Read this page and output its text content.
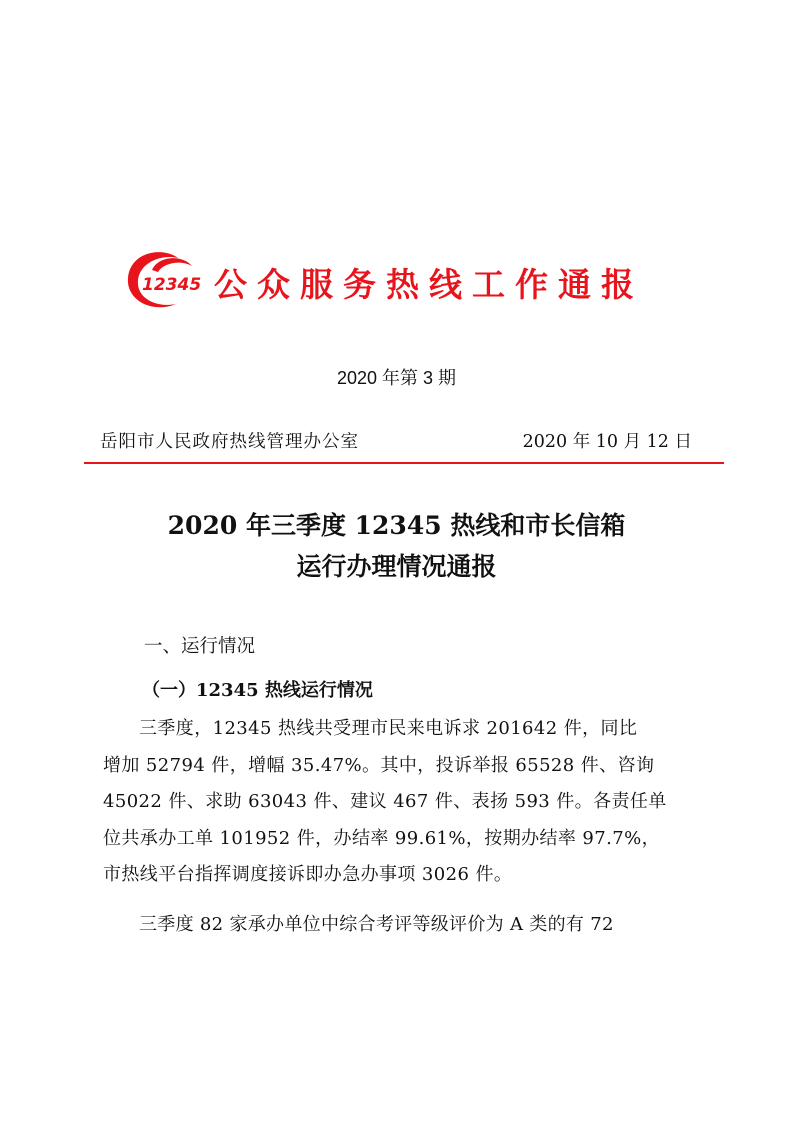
12345 公众服务热线工作通报
2020 年第 3 期
岳阳市人民政府热线管理办公室	2020 年 10 月 12 日
2020 年三季度 12345 热线和市长信箱
运行办理情况通报
一、运行情况
（一）12345 热线运行情况
三季度，12345 热线共受理市民来电诉求 201642 件，同比
增加 52794 件，增幅 35.47%。其中，投诉举报 65528 件、咨询
45022 件、求助 63043 件、建议 467 件、表扬 593 件。各责任单
位共承办工单 101952 件，办结率 99.61%，按期办结率 97.7%，
市热线平台指挥调度接诉即办急办事项 3026 件。
三季度 82 家承办单位中综合考评等级评价为 A 类的有 72
